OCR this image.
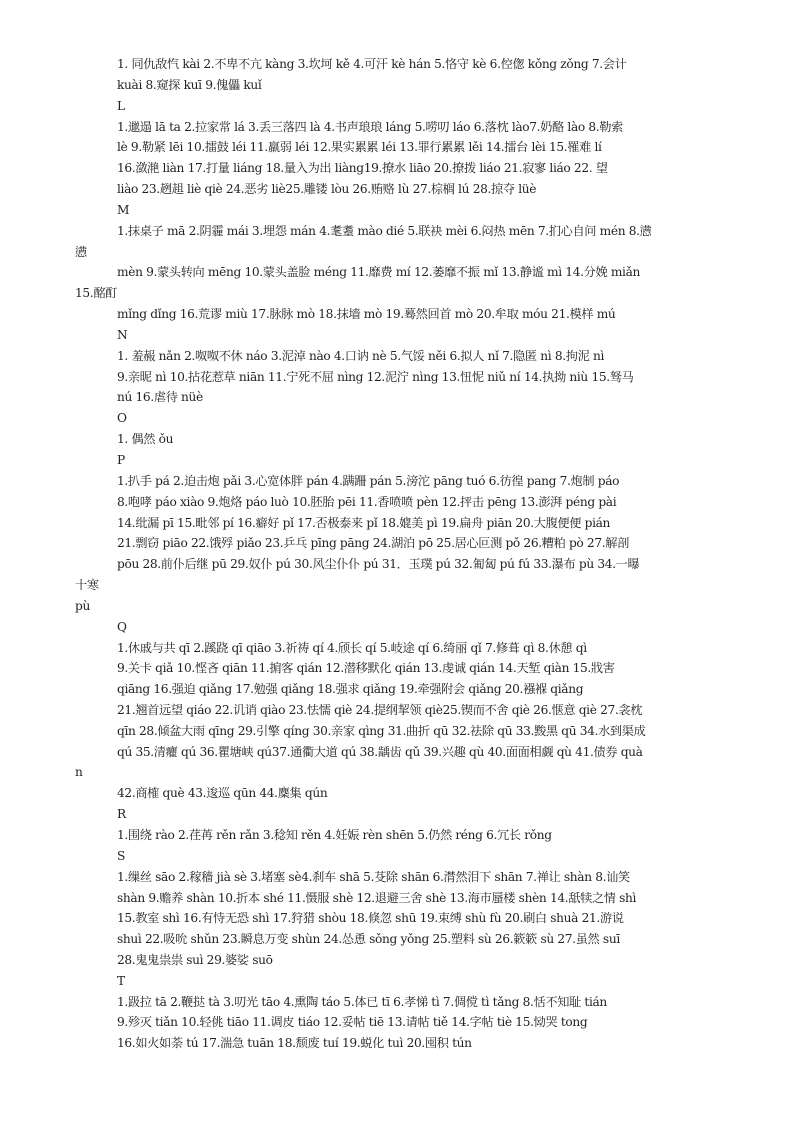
1. 同仇敌忾 kài 2.不卑不亢 kàng 3.坎坷 kě 4.可汗 kè hán 5.恪守 kè 6.倥偬 kǒng zǒng 7.会计

kuài 8.窥探 kuī 9.傀儡 kuǐ

L

1.邋遢 lā ta 2.拉家常 lá 3.丢三落四 là 4.书声琅琅 láng 5.唠叨 láo 6.落枕 lào7.奶酪 lào 8.勒索

lè 9.勒紧 lēi 10.擂鼓 léi 11.羸弱 léi 12.果实累累 léi 13.罪行累累 lěi 14.擂台 lèi 15.罹难 lí

16.潋滟 liàn 17.打量 liáng 18.量入为出 liàng19.撩水 liāo 20.撩拨 liáo 21.寂寥 liáo 22. 望

liào 23.趔趄 liè qiè 24.恶劣 liè25.雕镂 lòu 26.贿赂 lù 27.棕榈 lú 28.掠夺 lüè

M

1.抹桌子 mā 2.阴霾 mái 3.埋怨 mán 4.耄耋 mào dié 5.联袂 mèi 6.闷热 mēn 7.扪心自问 mén 8.懑

懑

mèn 9.蒙头转向 mēng 10.蒙头盖脸 méng 11.靡费 mí 12.萎靡不振 mǐ 13.静谧 mì 14.分娩 miǎn

15.酩酊

mǐng dǐng 16.荒谬 miù 17.脉脉 mò 18.抹墙 mò 19.蓦然回首 mò 20.牟取 móu 21.模样 mú

N

1. 羞赧 nǎn 2.呶呶不休 náo 3.泥淖 nào 4.口讷 nè 5.气馁 něi 6.拟人 nǐ 7.隐匿 nì 8.拘泥 nì

9.亲昵 nì 10.拈花惹草 niān 11.宁死不屈 nìng 12.泥泞 nìng 13.忸怩 niǔ ní 14.执拗 niù 15.驽马

nú 16.虐待 nüè

O

1. 偶然 ǒu

P

1.扒手 pá 2.迫击炮 pǎi 3.心宽体胖 pán 4.蹒跚 pán 5.滂沱 pāng tuó 6.彷徨 pang 7.炮制 páo

8.咆哮 páo xiào 9.炮烙 páo luò 10.胚胎 pēi 11.香喷喷 pèn 12.抨击 pēng 13.澎湃 péng pài

14.纰漏 pī 15.毗邻 pí 16.癖好 pǐ 17.否极泰来 pǐ 18.媲美 pì 19.扁舟 piān 20.大腹便便 pián

21.剽窃 piāo 22.饿殍 piǎo 23.乒乓 pīng pāng 24.湖泊 pō 25.居心叵测 pǒ 26.糟粕 pò 27.解剖

pōu 28.前仆后继 pū 29.奴仆 pú 30.风尘仆仆 pú 31．玉璞 pú 32.匍匐 pú fú 33.瀑布 pù 34.一曝

十寒

pù

Q

1.休戚与共 qī 2.蹊跷 qī qiāo 3.祈祷 qí 4.颀长 qí 5.岐途 qí 6.绮丽 qǐ 7.修葺 qì 8.休憩 qì

9.关卡 qiǎ 10.悭吝 qiān 11.掮客 qián 12.潜移默化 qián 13.虔诚 qián 14.天堑 qiàn 15.戕害

qiāng 16.强迫 qiǎng 17.勉强 qiǎng 18.强求 qiǎng 19.牵强附会 qiǎng 20.襁褓 qiǎng

21.翘首远望 qiáo 22.讥诮 qiào 23.怯懦 qiè 24.提纲挈领 qiè25.锲而不舍 qiè 26.惬意 qiè 27.衾枕

qīn 28.倾盆大雨 qīng 29.引擎 qíng 30.亲家 qìng 31.曲折 qū 32.祛除 qū 33.黢黑 qū 34.水到渠成

qú 35.清癯 qú 36.瞿塘峡 qú37.通衢大道 qú 38.龋齿 qǔ 39.兴趣 qù 40.面面相觑 qù 41.债券 quà

n

42.商榷 què 43.逡巡 qūn 44.麇集 qún

R

1.围绕 rào 2.荏苒 rěn rǎn 3.稔知 rěn 4.妊娠 rèn shēn 5.仍然 réng 6.冗长 rǒng

S

1.缫丝 sāo 2.稼穑 jià sè 3.堵塞 sè4.刹车 shā 5.芟除 shān 6.潸然泪下 shān 7.禅让 shàn 8.讪笑

shàn 9.赡养 shàn 10.折本 shé 11.慑服 shè 12.退避三舍 shè 13.海市蜃楼 shèn 14.舐犊之情 shì

15.教室 shì 16.有恃无恐 shì 17.狩猎 shòu 18.倏忽 shū 19.束缚 shù fù 20.刷白 shuà 21.游说

shuì 22.吸吮 shǔn 23.瞬息万变 shùn 24.怂恿 sǒng yǒng 25.塑料 sù 26.簌簌 sù 27.虽然 suī

28.鬼鬼祟祟 suì 29.婆娑 suō

T

1.趿拉 tā 2.鞭挞 tà 3.叨光 tāo 4.熏陶 táo 5.体已 tī 6.孝悌 tì 7.倜傥 tì tǎng 8.恬不知耻 tián

9.殄灭 tiǎn 10.轻佻 tiāo 11.调皮 tiáo 12.妥帖 tiē 13.请帖 tiě 14.字帖 tiè 15.恸哭 tong

16.如火如荼 tú 17.湍急 tuān 18.颓废 tuí 19.蜕化 tuì 20.囤积 tún
